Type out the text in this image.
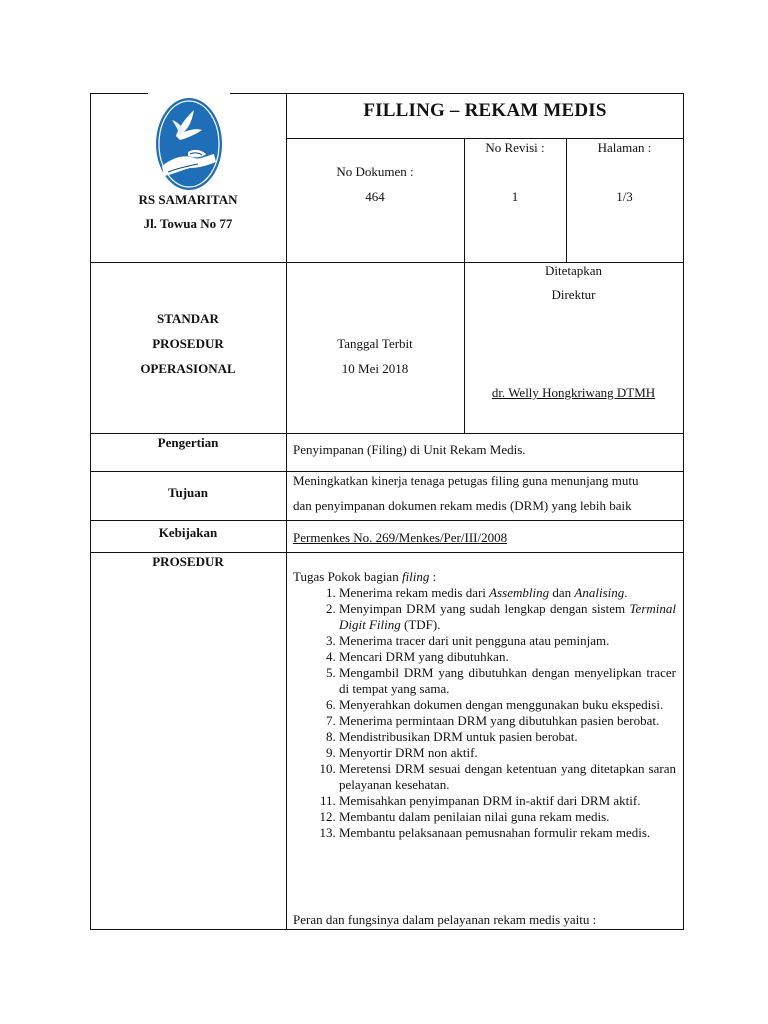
RS SAMARITAN
Jl. Towua No 77
FILLING – REKAM MEDIS
No Dokumen :
464
No Revisi :
1
Halaman :
1/3
STANDAR
PROSEDUR
OPERASIONAL
Tanggal Terbit
10 Mei 2018
Ditetapkan
Direktur
dr. Welly Hongkriwang DTMH
Pengertian	Penyimpanan (Filing) di Unit Rekam Medis.
Tujuan
Meningkatkan kinerja tenaga petugas filing guna menunjang mutu
dan penyimpanan dokumen rekam medis (DRM) yang lebih baik
Kebijakan	Permenkes No. 269/Menkes/Per/III/2008
PROSEDUR
Tugas Pokok bagian filing :
1. Menerima rekam medis dari Assembling dan Analising.
2. Menyimpan DRM yang sudah lengkap dengan sistem Terminal Digit Filing (TDF).
3. Menerima tracer dari unit pengguna atau peminjam.
4. Mencari DRM yang dibutuhkan.
5. Mengambil DRM yang dibutuhkan dengan menyelipkan tracer di tempat yang sama.
6. Menyerahkan dokumen dengan menggunakan buku ekspedisi.
7. Menerima permintaan DRM yang dibutuhkan pasien berobat.
8. Mendistribusikan DRM untuk pasien berobat.
9. Menyortir DRM non aktif.
10. Meretensi DRM sesuai dengan ketentuan yang ditetapkan saran pelayanan kesehatan.
11. Memisahkan penyimpanan DRM in-aktif dari DRM aktif.
12. Membantu dalam penilaian nilai guna rekam medis.
13. Membantu pelaksanaan pemusnahan formulir rekam medis.
Peran dan fungsinya dalam pelayanan rekam medis yaitu :
